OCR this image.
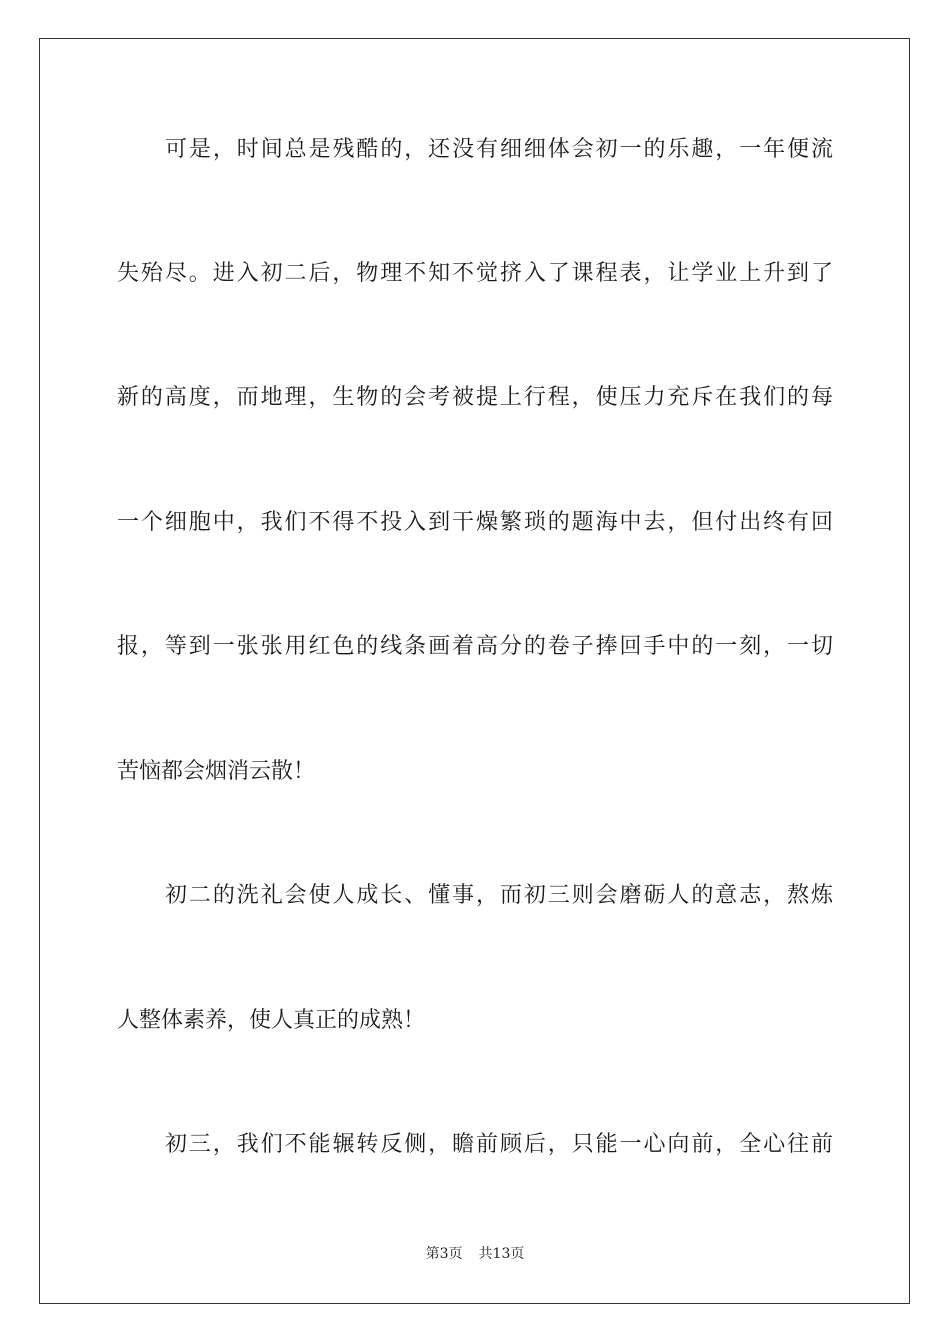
可是，时间总是残酷的，还没有细细体会初一的乐趣，一年便流
失殆尽。进入初二后，物理不知不觉挤入了课程表，让学业上升到了
新的高度，而地理，生物的会考被提上行程，使压力充斥在我们的每
一个细胞中，我们不得不投入到干燥繁琐的题海中去，但付出终有回
报，等到一张张用红色的线条画着高分的卷子捧回手中的一刻，一切
苦恼都会烟消云散！
初二的洗礼会使人成长、懂事，而初三则会磨砺人的意志，熬炼
人整体素养，使人真正的成熟！
初三，我们不能辗转反侧，瞻前顾后，只能一心向前，全心往前
第3页 共13页
